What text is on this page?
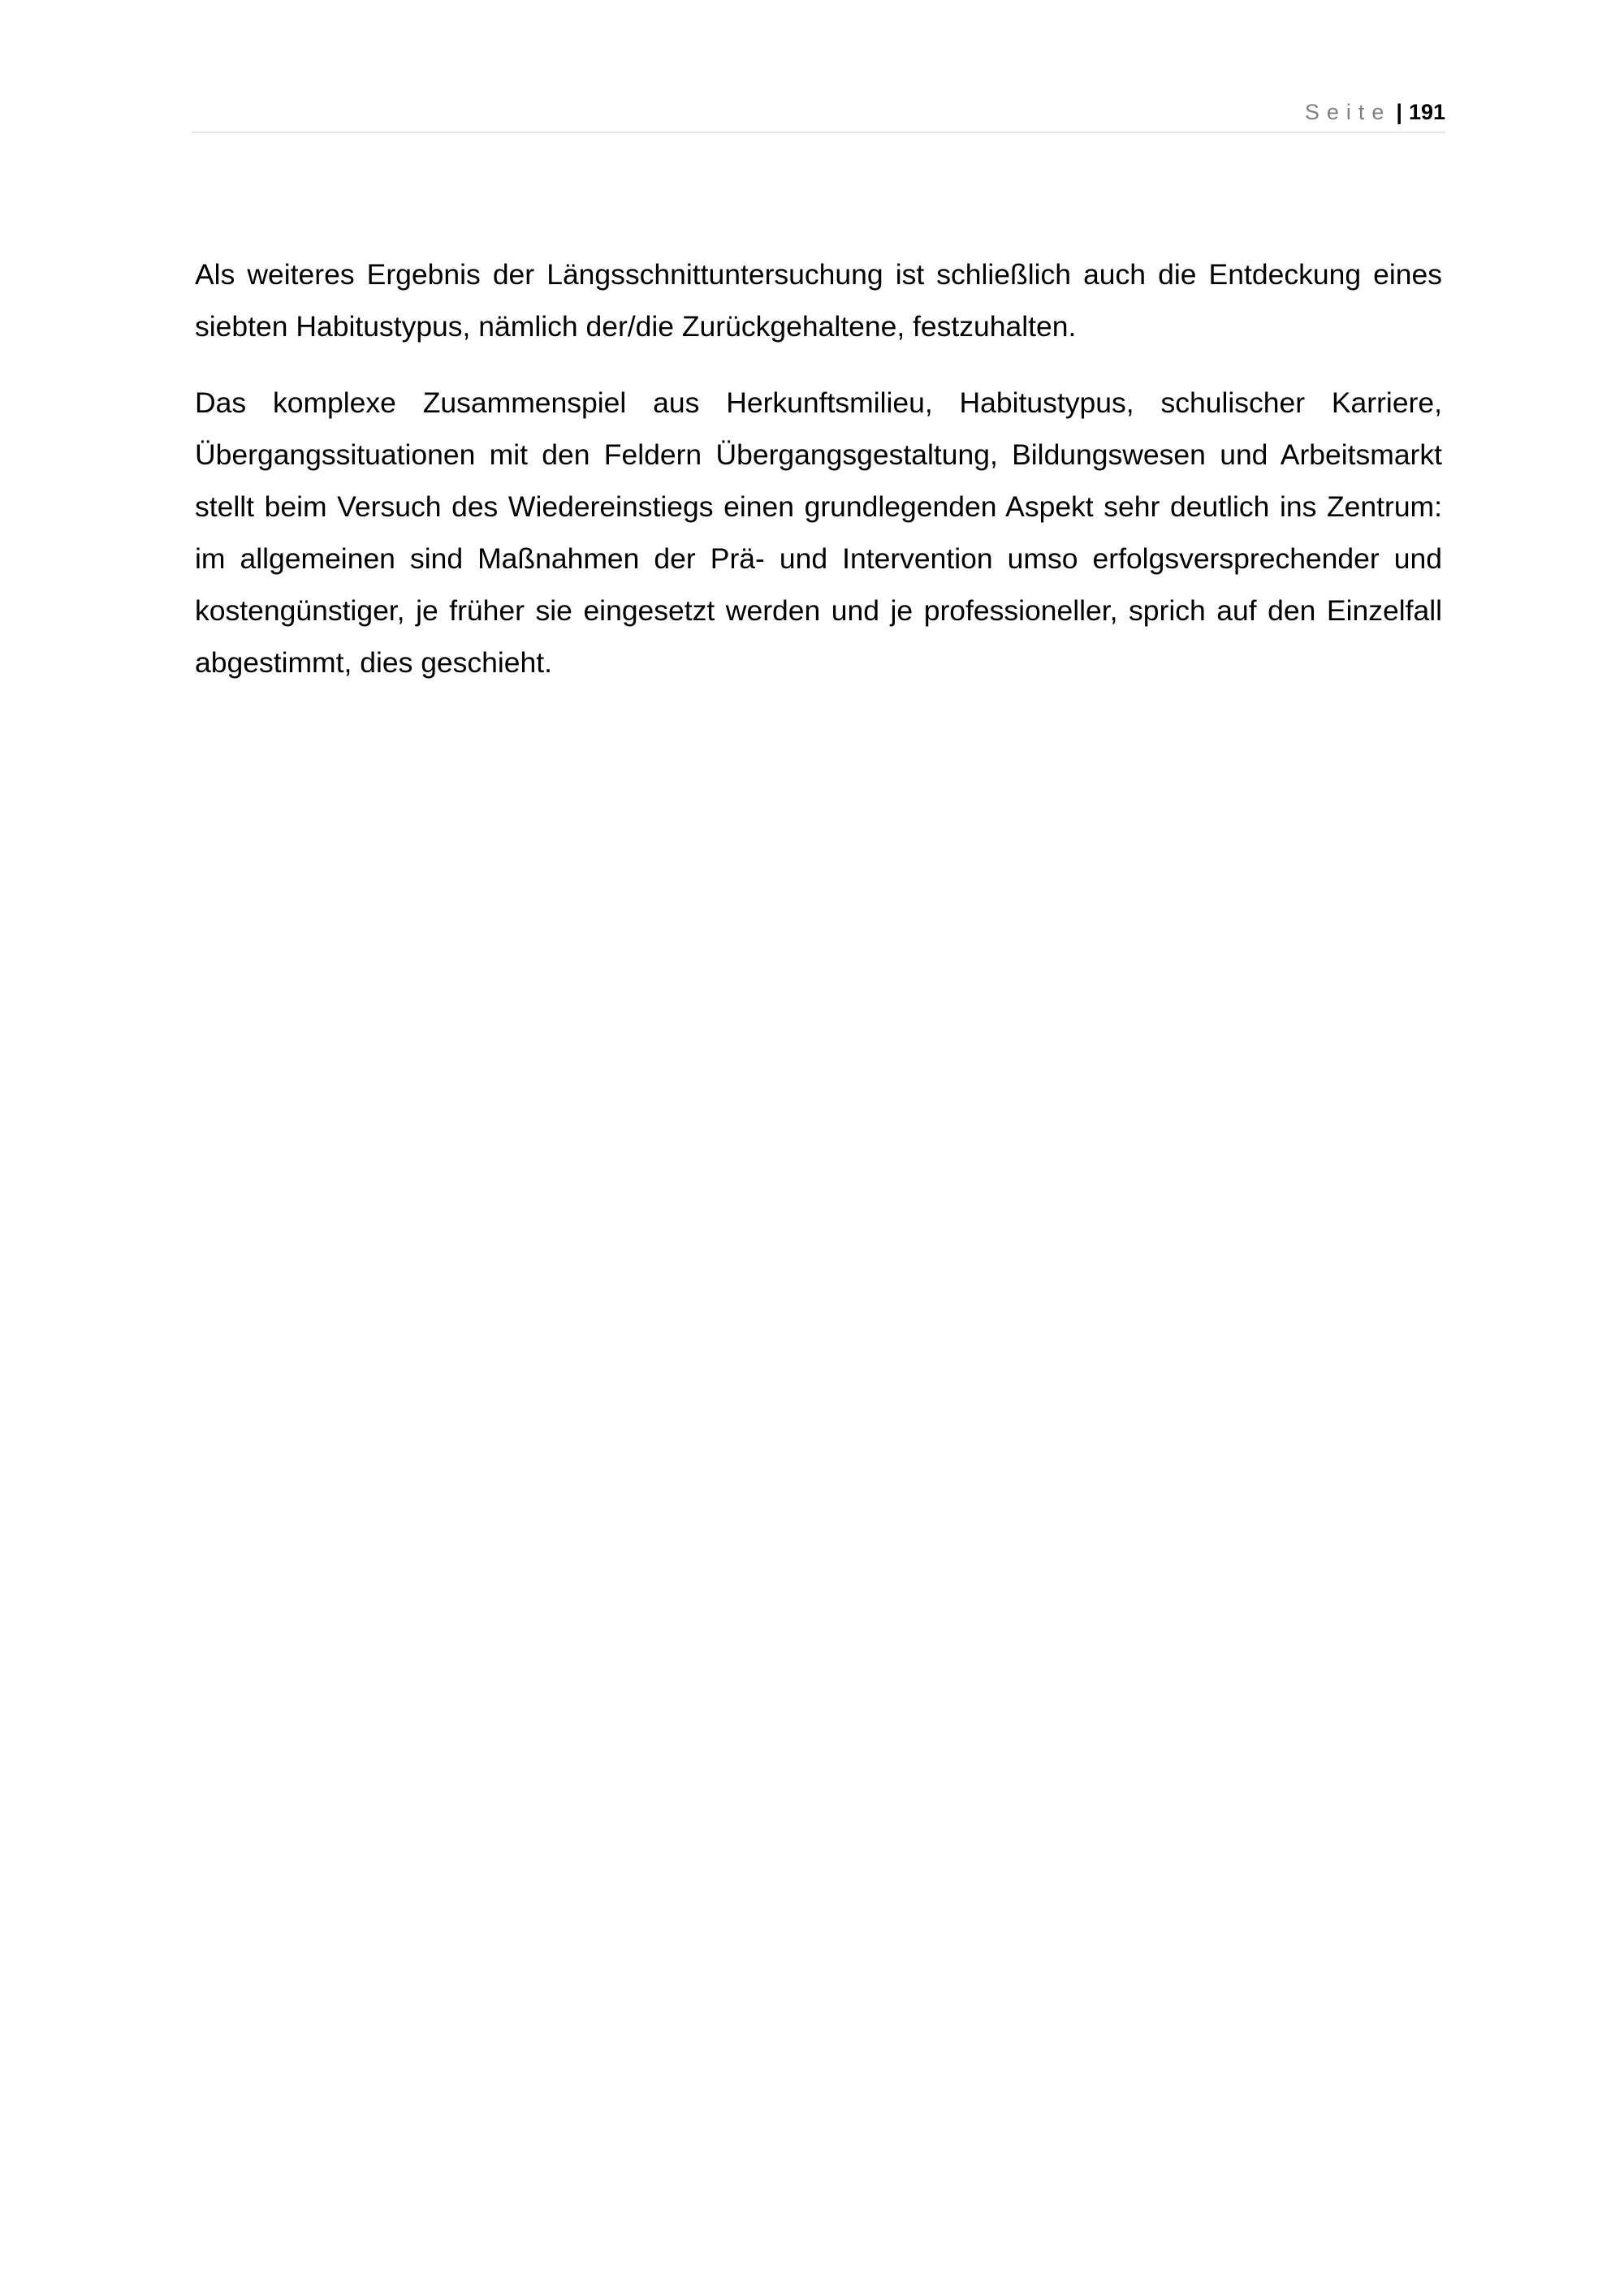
Seite | 191

Als weiteres Ergebnis der Längsschnittuntersuchung ist schließlich auch die Entdeckung eines siebten Habitustypus, nämlich der/die Zurückgehaltene, festzuhalten.

Das komplexe Zusammenspiel aus Herkunftsmilieu, Habitustypus, schulischer Karriere, Übergangssituationen mit den Feldern Übergangsgestaltung, Bildungswesen und Arbeitsmarkt stellt beim Versuch des Wiedereinstiegs einen grundlegenden Aspekt sehr deutlich ins Zentrum: im allgemeinen sind Maßnahmen der Prä- und Intervention umso erfolgsversprechender und kostengünstiger, je früher sie eingesetzt werden und je professioneller, sprich auf den Einzelfall abgestimmt, dies geschieht.
